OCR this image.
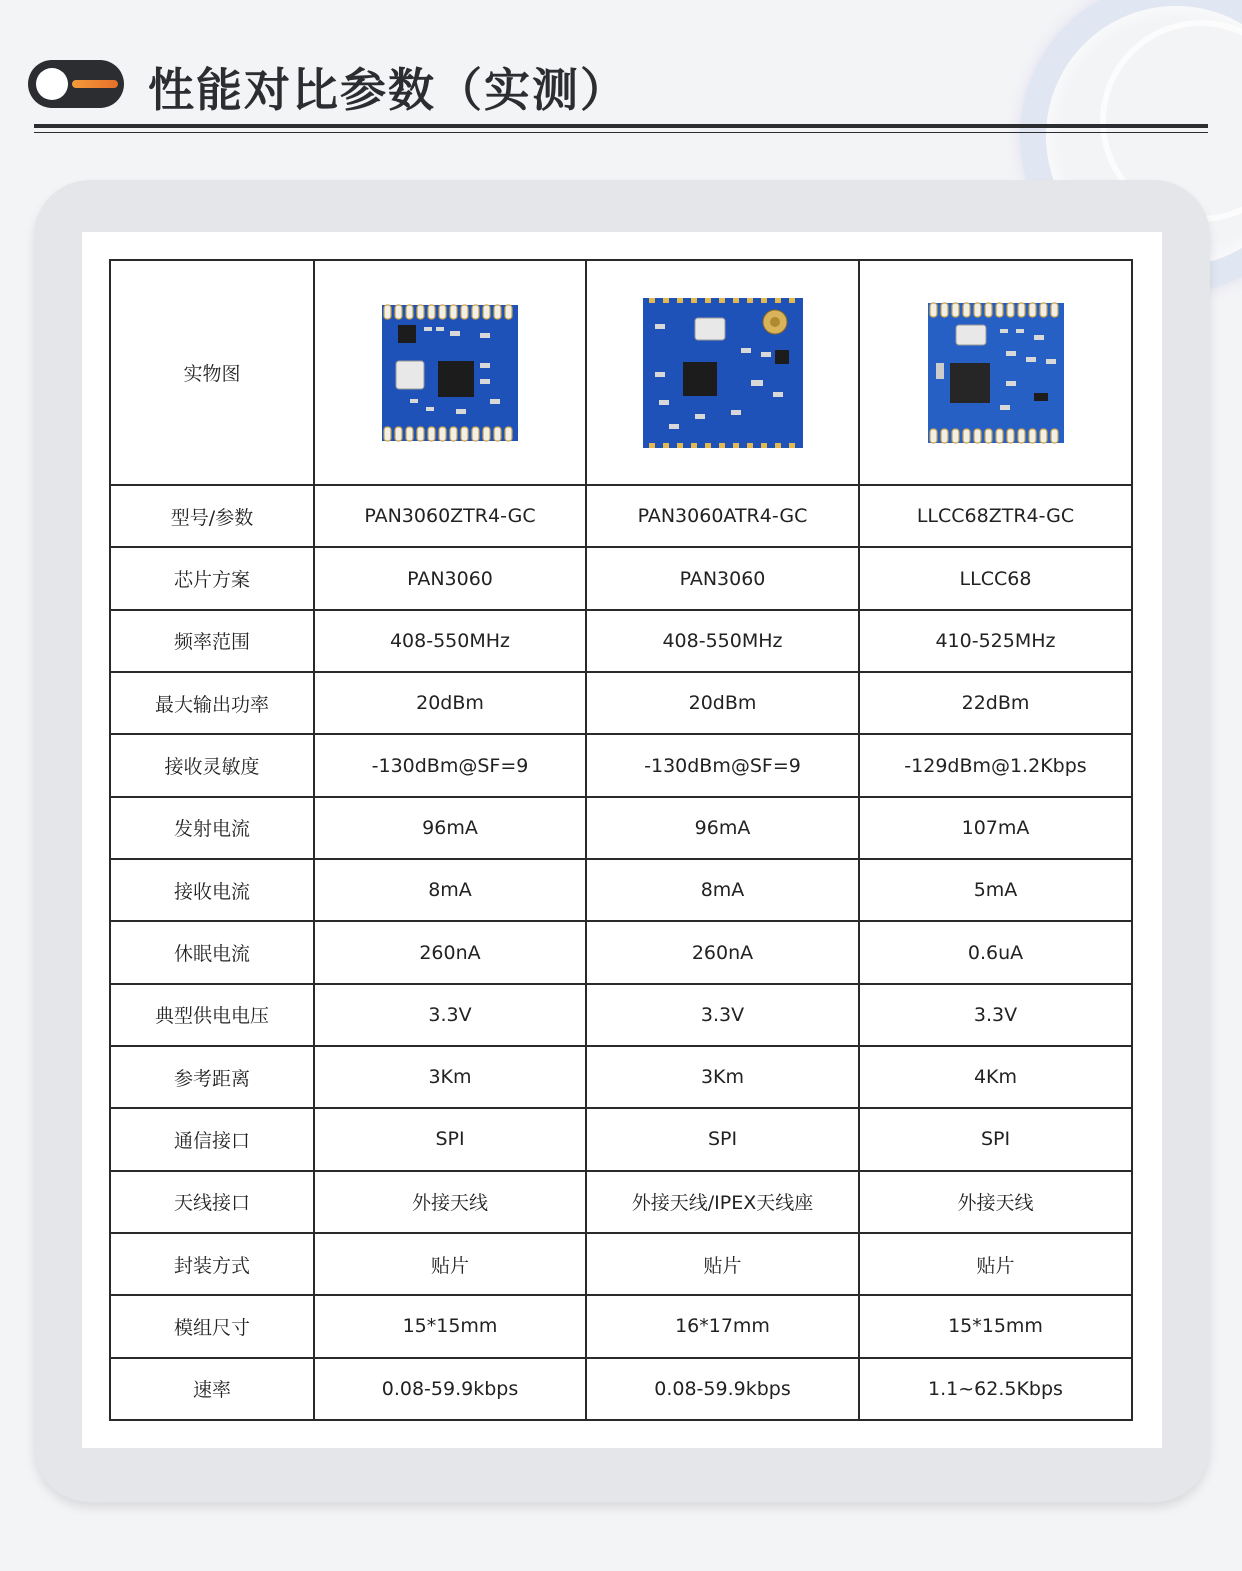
性能对比参数（实测）
实物图			
型号/参数	PAN3060ZTR4-GC	PAN3060ATR4-GC	LLCC68ZTR4-GC
芯片方案	PAN3060	PAN3060	LLCC68
频率范围	408-550MHz	408-550MHz	410-525MHz
最大输出功率	20dBm	20dBm	22dBm
接收灵敏度	-130dBm@SF=9	-130dBm@SF=9	-129dBm@1.2Kbps
发射电流	96mA	96mA	107mA
接收电流	8mA	8mA	5mA
休眠电流	260nA	260nA	0.6uA
典型供电电压	3.3V	3.3V	3.3V
参考距离	3Km	3Km	4Km
通信接口	SPI	SPI	SPI
天线接口	外接天线	外接天线/IPEX天线座	外接天线
封装方式	贴片	贴片	贴片
模组尺寸	15*15mm	16*17mm	15*15mm
速率	0.08-59.9kbps	0.08-59.9kbps	1.1~62.5Kbps
